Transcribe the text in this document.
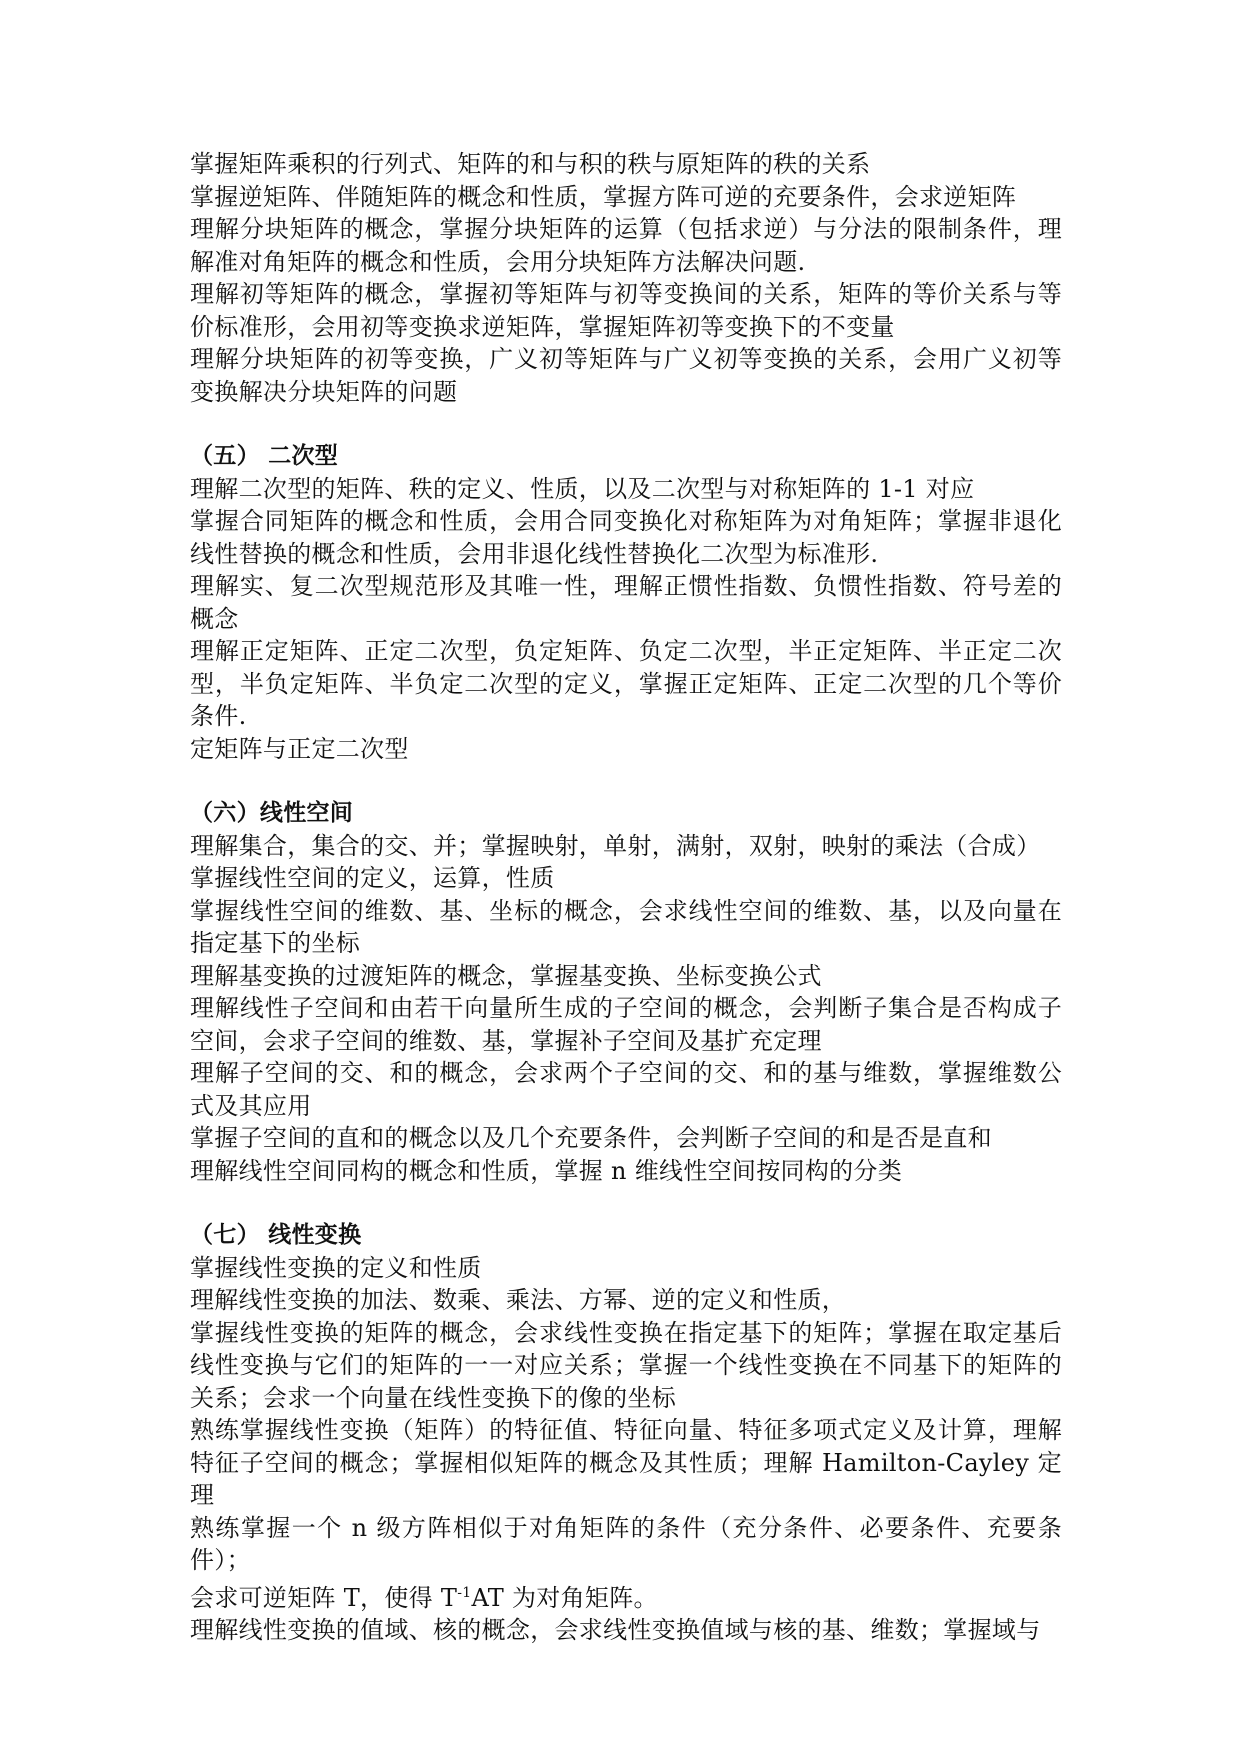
掌握矩阵乘积的行列式、矩阵的和与积的秩与原矩阵的秩的关系

掌握逆矩阵、伴随矩阵的概念和性质，掌握方阵可逆的充要条件，会求逆矩阵

理解分块矩阵的概念，掌握分块矩阵的运算（包括求逆）与分法的限制条件，理解准对角矩阵的概念和性质，会用分块矩阵方法解决问题.

理解初等矩阵的概念，掌握初等矩阵与初等变换间的关系，矩阵的等价关系与等价标准形，会用初等变换求逆矩阵，掌握矩阵初等变换下的不变量

理解分块矩阵的初等变换，广义初等矩阵与广义初等变换的关系，会用广义初等变换解决分块矩阵的问题

（五） 二次型

理解二次型的矩阵、秩的定义、性质，以及二次型与对称矩阵的 1-1 对应

掌握合同矩阵的概念和性质，会用合同变换化对称矩阵为对角矩阵；掌握非退化线性替换的概念和性质，会用非退化线性替换化二次型为标准形.

理解实、复二次型规范形及其唯一性，理解正惯性指数、负惯性指数、符号差的概念

理解正定矩阵、正定二次型，负定矩阵、负定二次型，半正定矩阵、半正定二次型，半负定矩阵、半负定二次型的定义，掌握正定矩阵、正定二次型的几个等价条件.

定矩阵与正定二次型

（六）线性空间

理解集合，集合的交、并；掌握映射，单射，满射，双射，映射的乘法（合成）

掌握线性空间的定义，运算，性质

掌握线性空间的维数、基、坐标的概念，会求线性空间的维数、基，以及向量在指定基下的坐标

理解基变换的过渡矩阵的概念，掌握基变换、坐标变换公式

理解线性子空间和由若干向量所生成的子空间的概念，会判断子集合是否构成子空间，会求子空间的维数、基，掌握补子空间及基扩充定理

理解子空间的交、和的概念，会求两个子空间的交、和的基与维数，掌握维数公式及其应用

掌握子空间的直和的概念以及几个充要条件，会判断子空间的和是否是直和

理解线性空间同构的概念和性质，掌握 n 维线性空间按同构的分类

（七） 线性变换

掌握线性变换的定义和性质

理解线性变换的加法、数乘、乘法、方幂、逆的定义和性质，

掌握线性变换的矩阵的概念，会求线性变换在指定基下的矩阵；掌握在取定基后线性变换与它们的矩阵的一一对应关系；掌握一个线性变换在不同基下的矩阵的关系；会求一个向量在线性变换下的像的坐标

熟练掌握线性变换（矩阵）的特征值、特征向量、特征多项式定义及计算，理解特征子空间的概念；掌握相似矩阵的概念及其性质；理解 Hamilton-Cayley 定理

熟练掌握一个 n 级方阵相似于对角矩阵的条件（充分条件、必要条件、充要条件）；

会求可逆矩阵 T，使得 $T^{-1}AT$ 为对角矩阵。

理解线性变换的值域、核的概念，会求线性变换值域与核的基、维数；掌握域与
